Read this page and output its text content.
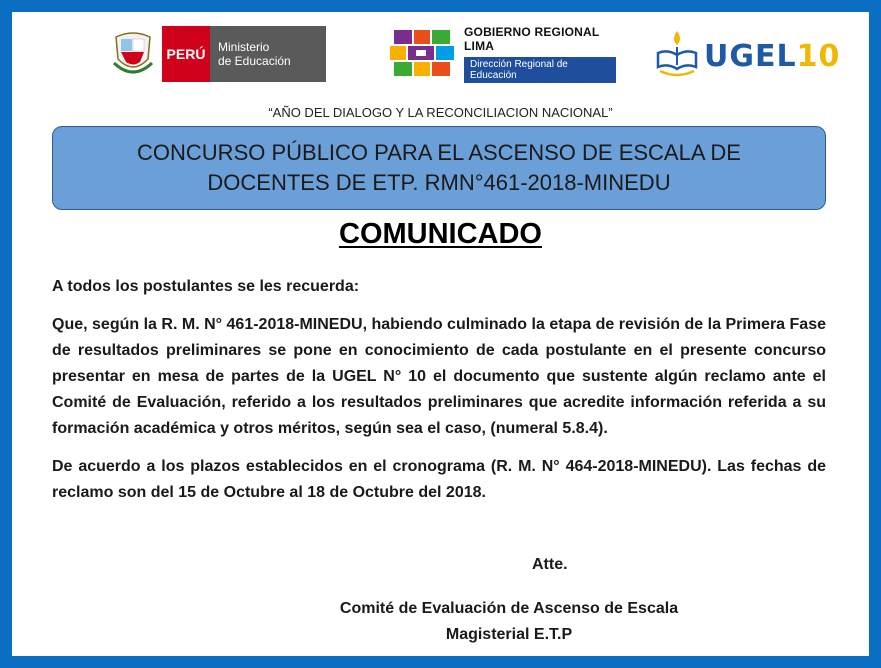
PERÚ	Ministerio
de Educación
GOBIERNO REGIONAL LIMA
Dirección Regional de Educación
UGEL10
“AÑO DEL DIALOGO Y LA RECONCILIACION NACIONAL”
CONCURSO PÚBLICO PARA EL ASCENSO DE ESCALA DE
DOCENTES DE ETP. RMN°461-2018-MINEDU
COMUNICADO

A todos los postulantes se les recuerda:

Que, según la R. M. N° 461-2018-MINEDU, habiendo culminado la etapa de revisión de la Primera Fase de resultados preliminares se pone en conocimiento de cada postulante en el presente concurso presentar en mesa de partes de la UGEL N° 10 el documento que sustente algún reclamo ante el Comité de Evaluación, referido a los resultados preliminares que acredite información referida a su formación académica y otros méritos, según sea el caso, (numeral 5.8.4).

De acuerdo a los plazos establecidos en el cronograma (R. M. N° 464-2018-MINEDU). Las fechas de reclamo son del 15 de Octubre al 18 de Octubre del 2018.

Atte.
Comité de Evaluación de Ascenso de Escala
Magisterial E.T.P
